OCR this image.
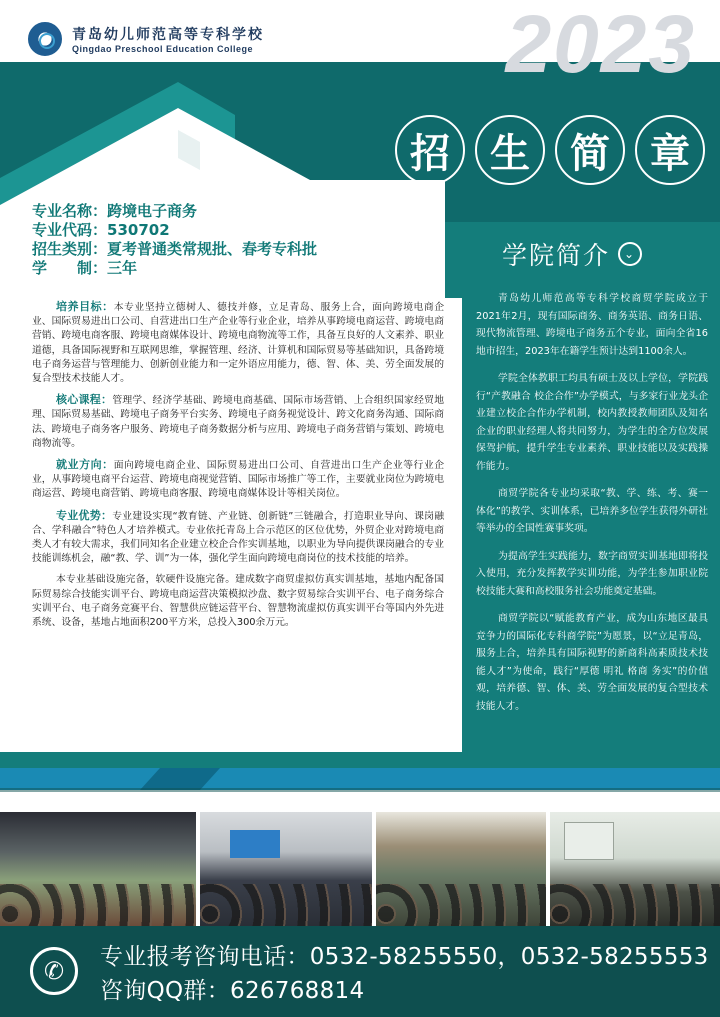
青岛幼儿师范高等专科学校
Qingdao Preschool Education College	2023
招	生	简	章
专业名称： 跨境电子商务
专业代码： 530702
招生类别： 夏考普通类常规批、春考专科批
学　　制： 三年

培养目标：本专业坚持立德树人、德技并修，立足青岛、服务上合，面向跨境电商企业、国际贸易进出口公司、自营进出口生产企业等行业企业，培养从事跨境电商运营、跨境电商营销、跨境电商客服、跨境电商媒体设计、跨境电商物流等工作，具备互良好的人文素养、职业道德，具备国际视野和互联网思维，掌握管理、经济、计算机和国际贸易等基础知识，具备跨境电子商务运营与管理能力、创新创业能力和一定外语应用能力，德、智、体、美、劳全面发展的复合型技术技能人才。

核心课程：管理学、经济学基础、跨境电商基础、国际市场营销、上合组织国家经贸地理、国际贸易基础、跨境电子商务平台实务、跨境电子商务视觉设计、跨文化商务沟通、国际商法、跨境电子商务客户服务、跨境电子商务数据分析与应用、跨境电子商务营销与策划、跨境电商物流等。

就业方向：面向跨境电商企业、国际贸易进出口公司、自营进出口生产企业等行业企业，从事跨境电商平台运营、跨境电商视觉营销、国际市场推广等工作，主要就业岗位为跨境电商运营、跨境电商营销、跨境电商客服、跨境电商媒体设计等相关岗位。

专业优势：专业建设实现“教育链、产业链、创新链”三链融合，打造职业导向、课岗融合、学科融合”特色人才培养模式。专业依托青岛上合示范区的区位优势，外贸企业对跨境电商类人才有较大需求，我们同知名企业建立校企合作实训基地，以职业为导向提供课岗融合的专业技能训练机会，融“教、学、训”为一体，强化学生面向跨境电商岗位的技术技能的培养。

本专业基础设施完备，软硬件设施完备。建成数字商贸虚拟仿真实训基地，基地内配备国际贸易综合技能实训平台、跨境电商运营决策模拟沙盘、数字贸易综合实训平台、电子商务综合实训平台、电子商务竞赛平台、智慧供应链运营平台、智慧物流虚拟仿真实训平台等国内外先进系统、设备，基地占地面积200平方米，总投入300余万元。

学院简介	⌄

青岛幼儿师范高等专科学校商贸学院成立于2021年2月，现有国际商务、商务英语、商务日语、现代物流管理、跨境电子商务五个专业，面向全省16地市招生，2023年在籍学生预计达到1100余人。

学院全体教职工均具有硕士及以上学位，学院践行“产教融合 校企合作”办学模式，与多家行业龙头企业建立校企合作办学机制，校内教授教师团队及知名企业的职业经理人将共同努力，为学生的全方位发展保驾护航，提升学生专业素养、职业技能以及实践操作能力。

商贸学院各专业均采取“教、学、练、考、赛一体化”的教学、实训体系，已培养多位学生获得外研社等举办的全国性赛事奖项。

为提高学生实践能力，数字商贸实训基地即将投入使用，充分发挥教学实训功能，为学生参加职业院校技能大赛和高校服务社会功能奠定基础。

商贸学院以“赋能教育产业，成为山东地区最具竞争力的国际化专科商学院”为愿景，以“立足青岛，服务上合，培养具有国际视野的新商科高素质技术技能人才”为使命，践行“厚德 明礼 格商 务实”的价值观，培养德、智、体、美、劳全面发展的复合型技术技能人才。

✆	专业报考咨询电话：0532-58255550，0532-58255553
咨询QQ群：626768814
